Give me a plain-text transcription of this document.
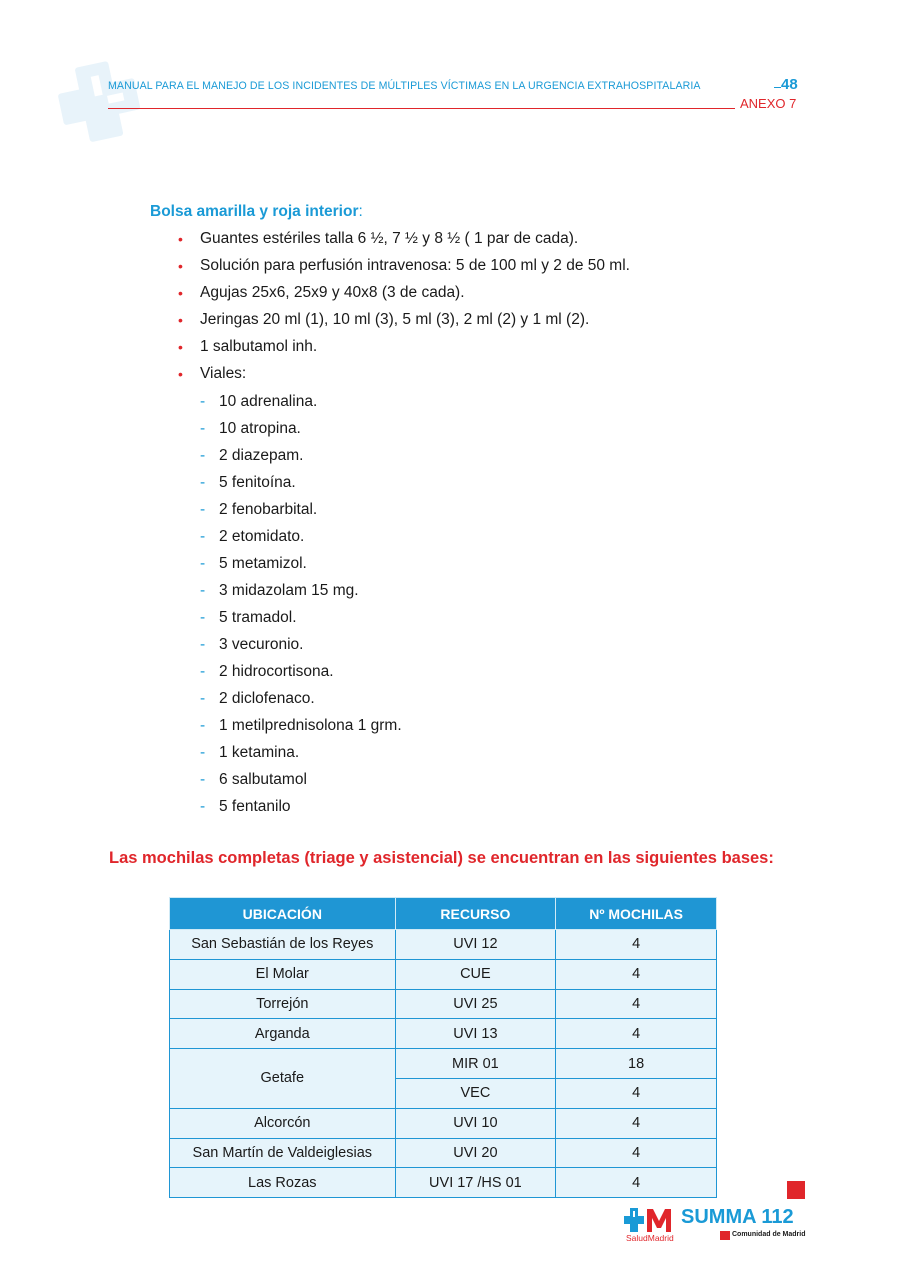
MANUAL PARA EL MANEJO DE LOS INCIDENTES DE MÚLTIPLES VÍCTIMAS EN LA URGENCIA EXTRAHOSPITALARIA	48
ANEXO 7
Bolsa amarilla y roja interior:
• Guantes estériles talla 6 ½, 7 ½ y 8 ½ ( 1 par de cada).
• Solución para perfusión intravenosa: 5 de 100 ml y 2 de 50 ml.
• Agujas 25x6, 25x9 y 40x8 (3 de cada).
• Jeringas 20 ml (1), 10 ml (3), 5 ml (3), 2 ml (2) y 1 ml (2).
• 1 salbutamol inh.
• Viales:
- 10 adrenalina.
- 10 atropina.
- 2 diazepam.
- 5 fenitoína.
- 2 fenobarbital.
- 2 etomidato.
- 5 metamizol.
- 3 midazolam 15 mg.
- 5 tramadol.
- 3 vecuronio.
- 2 hidrocortisona.
- 2 diclofenaco.
- 1 metilprednisolona 1 grm.
- 1 ketamina.
- 6 salbutamol
- 5 fentanilo
Las mochilas completas (triage y asistencial) se encuentran en las siguientes bases:
UBICACIÓN	RECURSO	Nº MOCHILAS
San Sebastián de los Reyes	UVI 12	4
El Molar	CUE	4
Torrejón	UVI 25	4
Arganda	UVI 13	4
Getafe	MIR 01	18
	VEC	4
Alcorcón	UVI 10	4
San Martín de Valdeiglesias	UVI 20	4
Las Rozas	UVI 17 /HS 01	4
SaludMadrid
SUMMA 112
Comunidad de Madrid
